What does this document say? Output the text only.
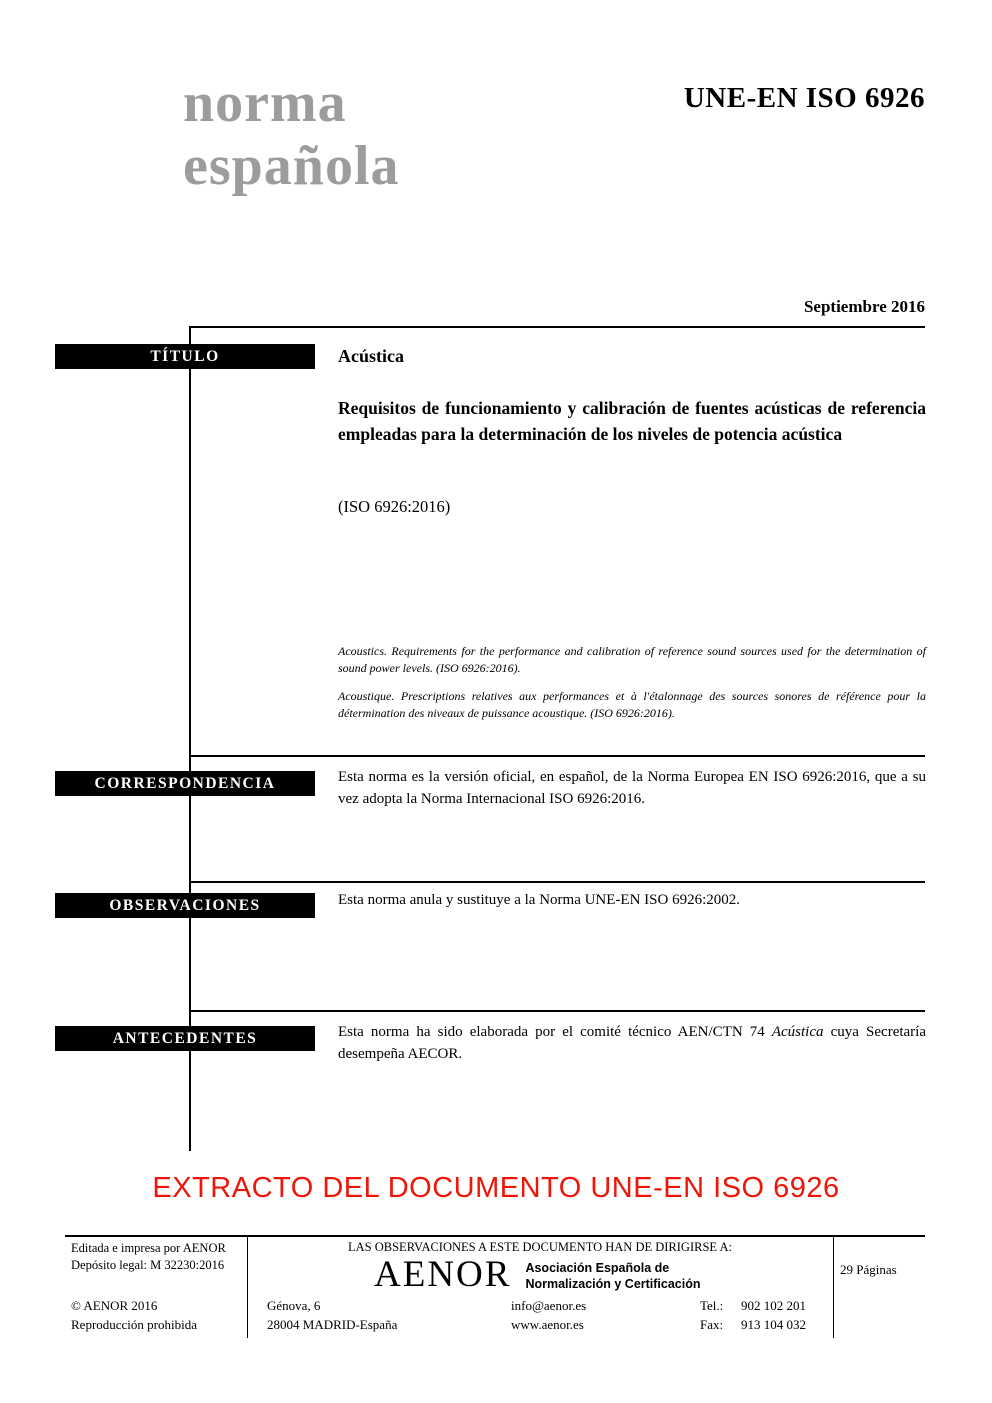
norma
española
UNE-EN ISO 6926
Septiembre 2016
TÍTULO	Acústica
Requisitos de funcionamiento y calibración de fuentes acústicas de referencia empleadas para la determinación de los niveles de potencia acústica
(ISO 6926:2016)
Acoustics. Requirements for the performance and calibration of reference sound sources used for the determination of sound power levels. (ISO 6926:2016).
Acoustique. Prescriptions relatives aux performances et à l'étalonnage des sources sonores de référence pour la détermination des niveaux de puissance acoustique. (ISO 6926:2016).
CORRESPONDENCIA	Esta norma es la versión oficial, en español, de la Norma Europea EN ISO 6926:2016, que a su vez adopta la Norma Internacional ISO 6926:2016.
OBSERVACIONES	Esta norma anula y sustituye a la Norma UNE-EN ISO 6926:2002.
ANTECEDENTES	Esta norma ha sido elaborada por el comité técnico AEN/CTN 74 Acústica cuya Secretaría desempeña AECOR.
EXTRACTO DEL DOCUMENTO UNE-EN ISO 6926
Editada e impresa por AENOR
Depósito legal: M 32230:2016
© AENOR 2016
Reproducción prohibida
LAS OBSERVACIONES A ESTE DOCUMENTO HAN DE DIRIGIRSE A:
AENOR Asociación Española de
Normalización y Certificación
29 Páginas
Génova, 6
28004 MADRID-España
info@aenor.es
www.aenor.es
Tel.: 902 102 201
Fax: 913 104 032
